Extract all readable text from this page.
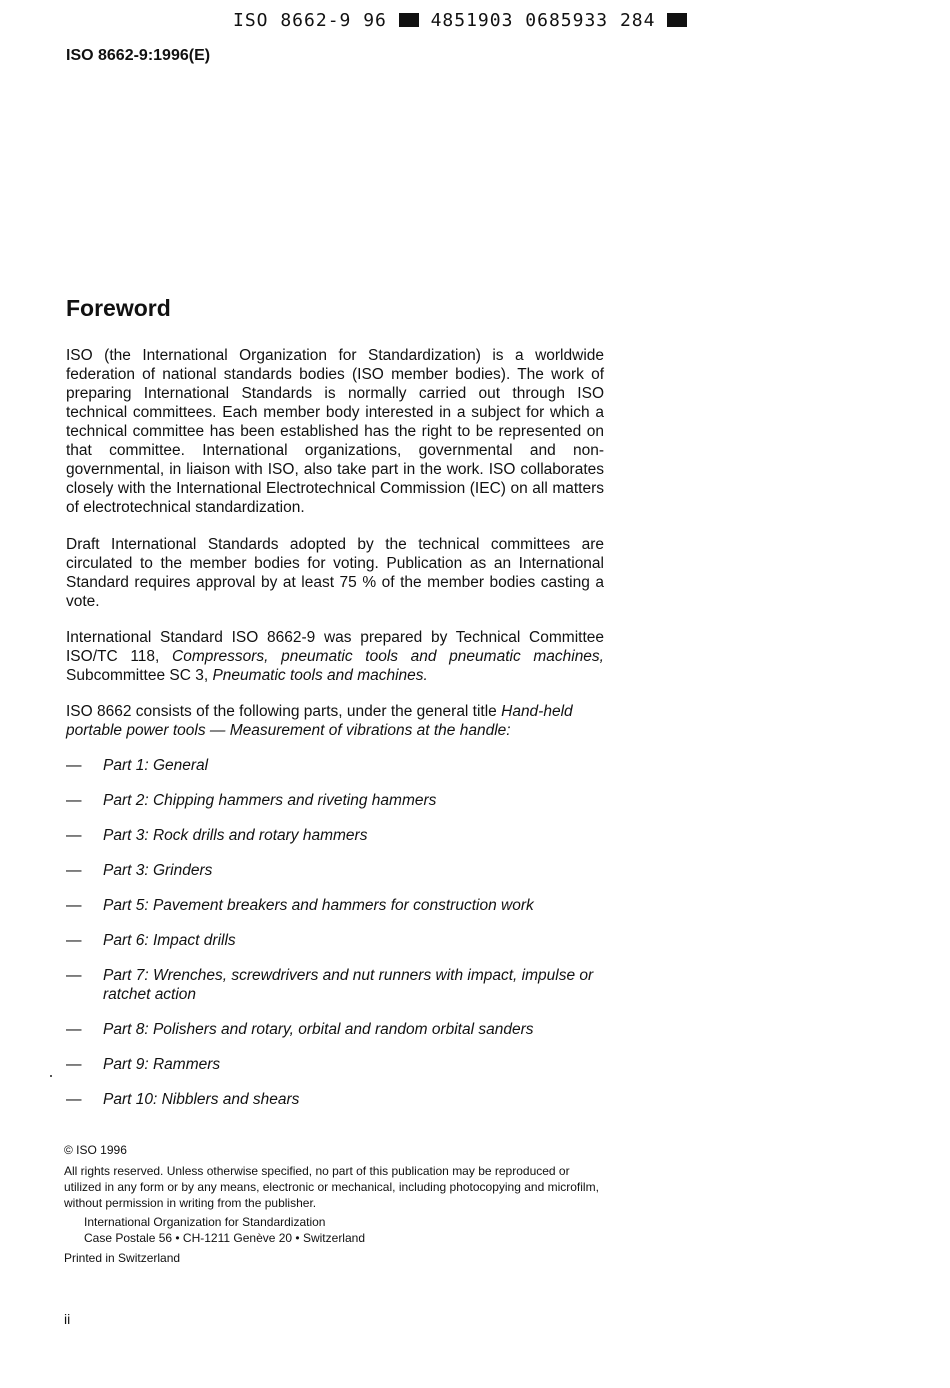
ISO 8662-9 96 4851903 0685933 284
ISO 8662-9:1996(E)
Foreword

ISO (the International Organization for Standardization) is a worldwide federation of national standards bodies (ISO member bodies). The work of preparing International Standards is normally carried out through ISO technical committees. Each member body interested in a subject for which a technical committee has been established has the right to be represented on that committee. International organizations, governmental and non-governmental, in liaison with ISO, also take part in the work. ISO collaborates closely with the International Electrotechnical Commission (IEC) on all matters of electrotechnical standardization.

Draft International Standards adopted by the technical committees are circulated to the member bodies for voting. Publication as an International Standard requires approval by at least 75 % of the member bodies casting a vote.

International Standard ISO 8662-9 was prepared by Technical Committee ISO/TC 118, Compressors, pneumatic tools and pneumatic machines, Subcommittee SC 3, Pneumatic tools and machines.

ISO 8662 consists of the following parts, under the general title Hand-held portable power tools — Measurement of vibrations at the handle:

— Part 1: General
— Part 2: Chipping hammers and riveting hammers
— Part 3: Rock drills and rotary hammers
— Part 3: Grinders
— Part 5: Pavement breakers and hammers for construction work
— Part 6: Impact drills
— Part 7: Wrenches, screwdrivers and nut runners with impact, impulse or ratchet action
— Part 8: Polishers and rotary, orbital and random orbital sanders
— Part 9: Rammers
— Part 10: Nibblers and shears
© ISO 1996
All rights reserved. Unless otherwise specified, no part of this publication may be reproduced or utilized in any form or by any means, electronic or mechanical, including photocopying and microfilm, without permission in writing from the publisher.
International Organization for Standardization
Case Postale 56 • CH-1211 Genève 20 • Switzerland
Printed in Switzerland
ii
